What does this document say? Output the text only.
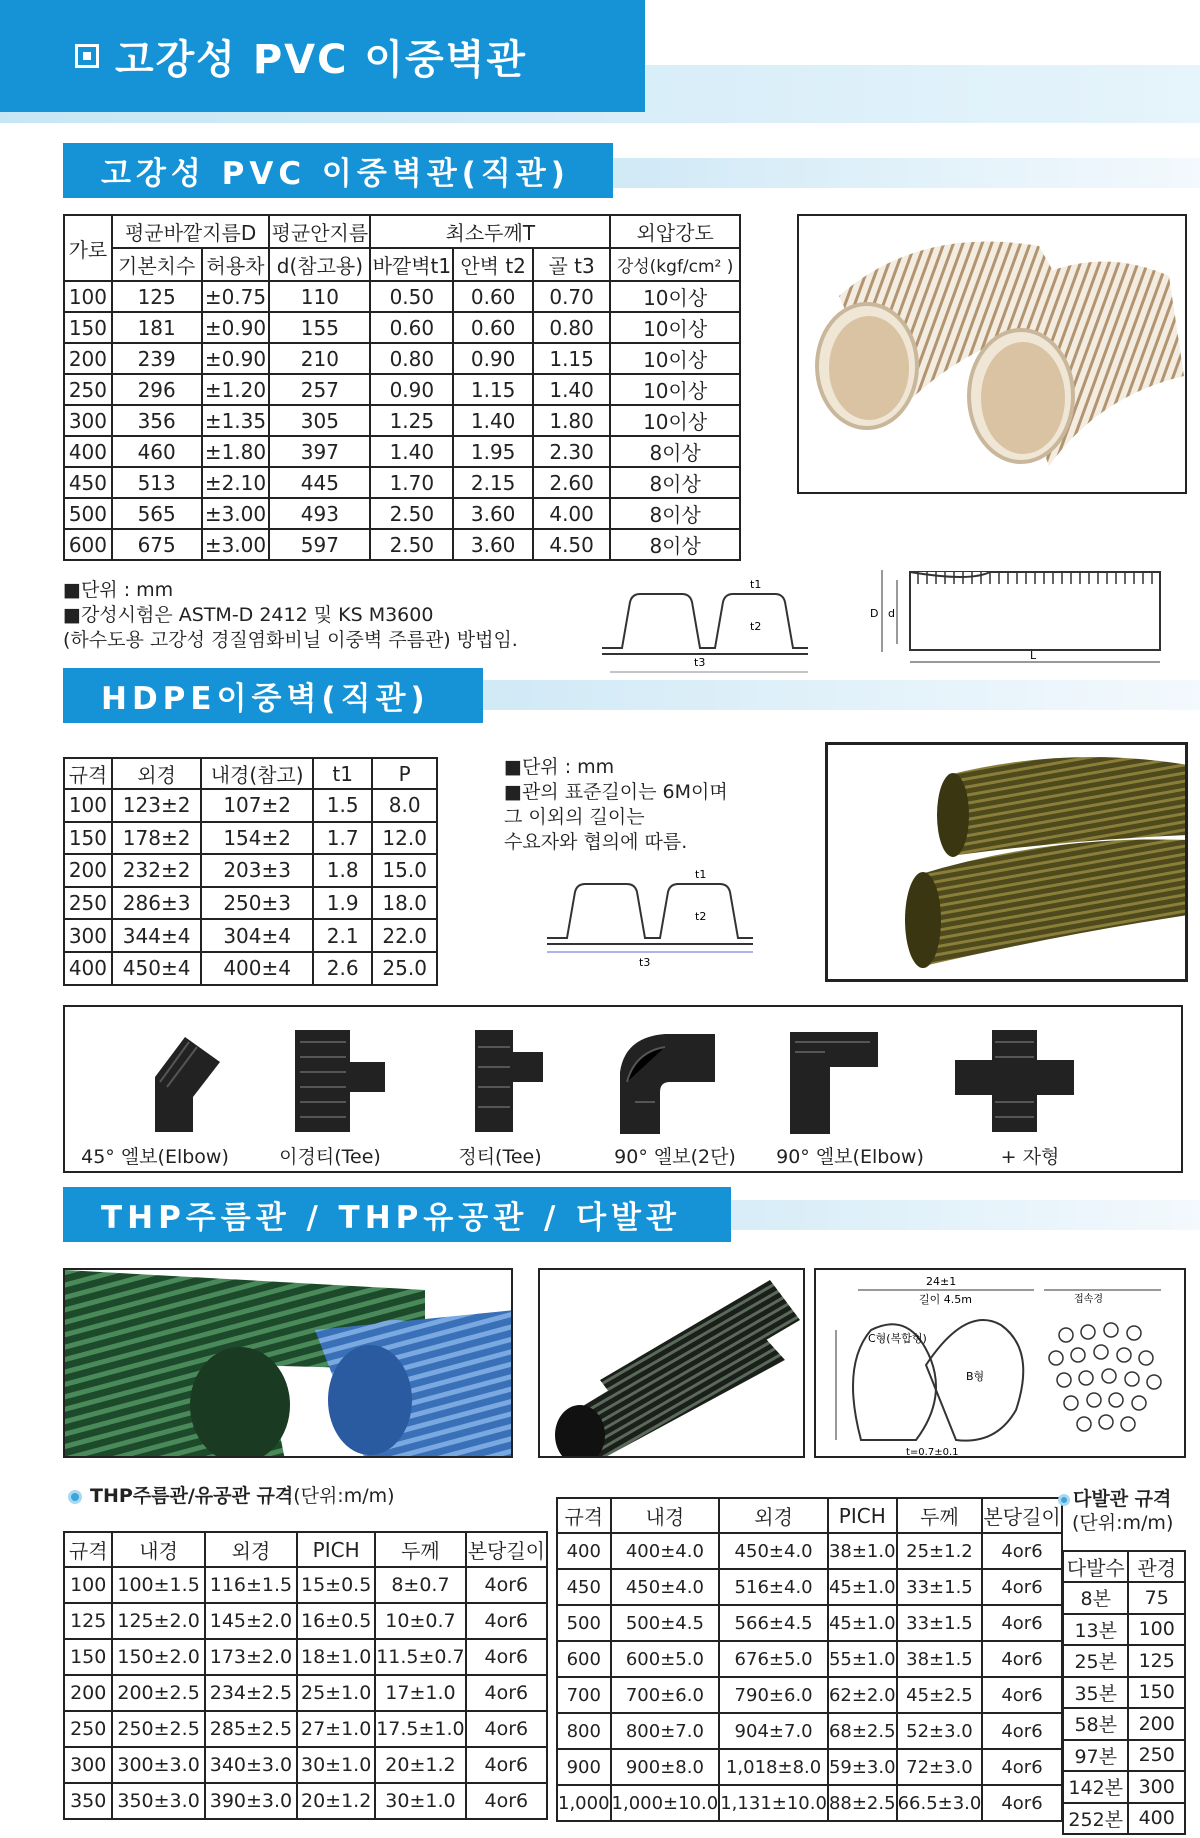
고강성 PVC 이중벽관
고강성 PVC 이중벽관(직관)
가로	평균바깥지름D		평균안지름	최소두께T			외압강도
	기본치수	허용차	d(참고용)	바깥벽t1	안벽 t2	골 t3	강성(kgf/cm² )
100	125	±0.75	110	0.50	0.60	0.70	10이상
150	181	±0.90	155	0.60	0.60	0.80	10이상
200	239	±0.90	210	0.80	0.90	1.15	10이상
250	296	±1.20	257	0.90	1.15	1.40	10이상
300	356	±1.35	305	1.25	1.40	1.80	10이상
400	460	±1.80	397	1.40	1.95	2.30	8이상
450	513	±2.10	445	1.70	2.15	2.60	8이상
500	565	±3.00	493	2.50	3.60	4.00	8이상
600	675	±3.00	597	2.50	3.60	4.50	8이상
■단위 : mm
■강성시험은 ASTM-D 2412 및 KS M3600
(하수도용 고강성 경질염화비닐 이중벽 주름관) 방법임.
t1
t2
t3
D d
L
HDPE이중벽(직관)
규격	외경	내경(참고)	t1	P
100	123±2	107±2	1.5	8.0
150	178±2	154±2	1.7	12.0
200	232±2	203±3	1.8	15.0
250	286±3	250±3	1.9	18.0
300	344±4	304±4	2.1	22.0
400	450±4	400±4	2.6	25.0
■단위 : mm
■관의 표준길이는 6M이며
그 이외의 길이는
수요자와 협의에 따름.
t1
t2
t3
45° 엘보(Elbow)	이경티(Tee)	정티(Tee)	90° 엘보(2단)	90° 엘보(Elbow)	+ 자형
THP주름관 / THP유공관 / 다발관
24±1
길이 4.5m
C형(복합형)
B형
t=0.7±0.1
접속경
THP주름관/유공관 규격(단위:m/m)
규격	내경	외경	PICH	두께	본당길이
100	100±1.5	116±1.5	15±0.5	8±0.7	4or6
125	125±2.0	145±2.0	16±0.5	10±0.7	4or6
150	150±2.0	173±2.0	18±1.0	11.5±0.7	4or6
200	200±2.5	234±2.5	25±1.0	17±1.0	4or6
250	250±2.5	285±2.5	27±1.0	17.5±1.0	4or6
300	300±3.0	340±3.0	30±1.0	20±1.2	4or6
350	350±3.0	390±3.0	20±1.2	30±1.0	4or6
규격	내경	외경	PICH	두께	본당길이
400	400±4.0	450±4.0	38±1.0	25±1.2	4or6
450	450±4.0	516±4.0	45±1.0	33±1.5	4or6
500	500±4.5	566±4.5	45±1.0	33±1.5	4or6
600	600±5.0	676±5.0	55±1.0	38±1.5	4or6
700	700±6.0	790±6.0	62±2.0	45±2.5	4or6
800	800±7.0	904±7.0	68±2.5	52±3.0	4or6
900	900±8.0	1,018±8.0	59±3.0	72±3.0	4or6
1,000	1,000±10.0	1,131±10.0	88±2.5	66.5±3.0	4or6
다발관 규격
(단위:m/m)
다발수	관경
8본	75
13본	100
25본	125
35본	150
58본	200
97본	250
142본	300
252본	400
